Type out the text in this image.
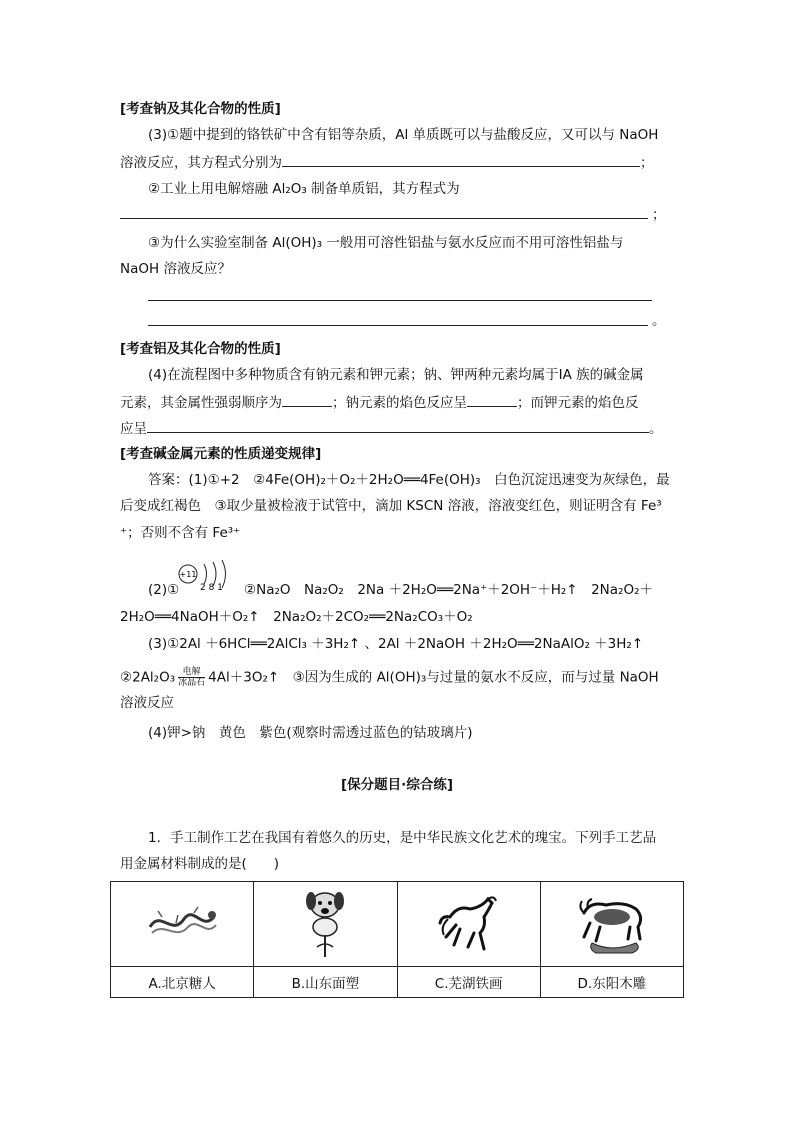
[考查钠及其化合物的性质]
(3)①题中提到的铬铁矿中含有铝等杂质，Al 单质既可以与盐酸反应，又可以与 NaOH
溶液反应，其方程式分别为	；
②工业上用电解熔融 Al₂O₃ 制备单质铝，其方程式为
；
③为什么实验室制备 Al(OH)₃ 一般用可溶性铝盐与氨水反应而不用可溶性铝盐与
NaOH 溶液反应？
。
[考查铝及其化合物的性质]
(4)在流程图中多种物质含有钠元素和钾元素；钠、钾两种元素均属于ⅠA 族的碱金属
元素，其金属性强弱顺序为	；钠元素的焰色反应呈	；而钾元素的焰色反
应呈	。
[考查碱金属元素的性质递变规律]
答案：(1)①+2　②4Fe(OH)₂＋O₂＋2H₂O══4Fe(OH)₃　白色沉淀迅速变为灰绿色，最
后变成红褐色　③取少量被检液于试管中，滴加 KSCN 溶液，溶液变红色，则证明含有 Fe³
⁺；否则不含有 Fe³⁺
(2)①
+11
2 8 1 ②Na₂O　Na₂O₂　2Na ＋2H₂O══2Na⁺＋2OH⁻＋H₂↑　2Na₂O₂＋
2H₂O══4NaOH＋O₂↑　2Na₂O₂＋2CO₂══2Na₂CO₃＋O₂
(3)①2Al ＋6HCl══2AlCl₃ ＋3H₂↑ 、2Al ＋2NaOH ＋2H₂O══2NaAlO₂ ＋3H₂↑
②2Al₂O₃ $\frac{\text{电解}}{\text{冰晶石}}$ 4Al＋3O₂↑　③因为生成的 Al(OH)₃与过量的氨水不反应，而与过量 NaOH
溶液反应
(4)钾>钠　黄色　紫色(观察时需透过蓝色的钴玻璃片)
[保分题目·综合练]
1．手工制作工艺在我国有着悠久的历史，是中华民族文化艺术的瑰宝。下列手工艺品
用金属材料制成的是(　　)

A.北京糖人	B.山东面塑	C.芜湖铁画	D.东阳木雕
